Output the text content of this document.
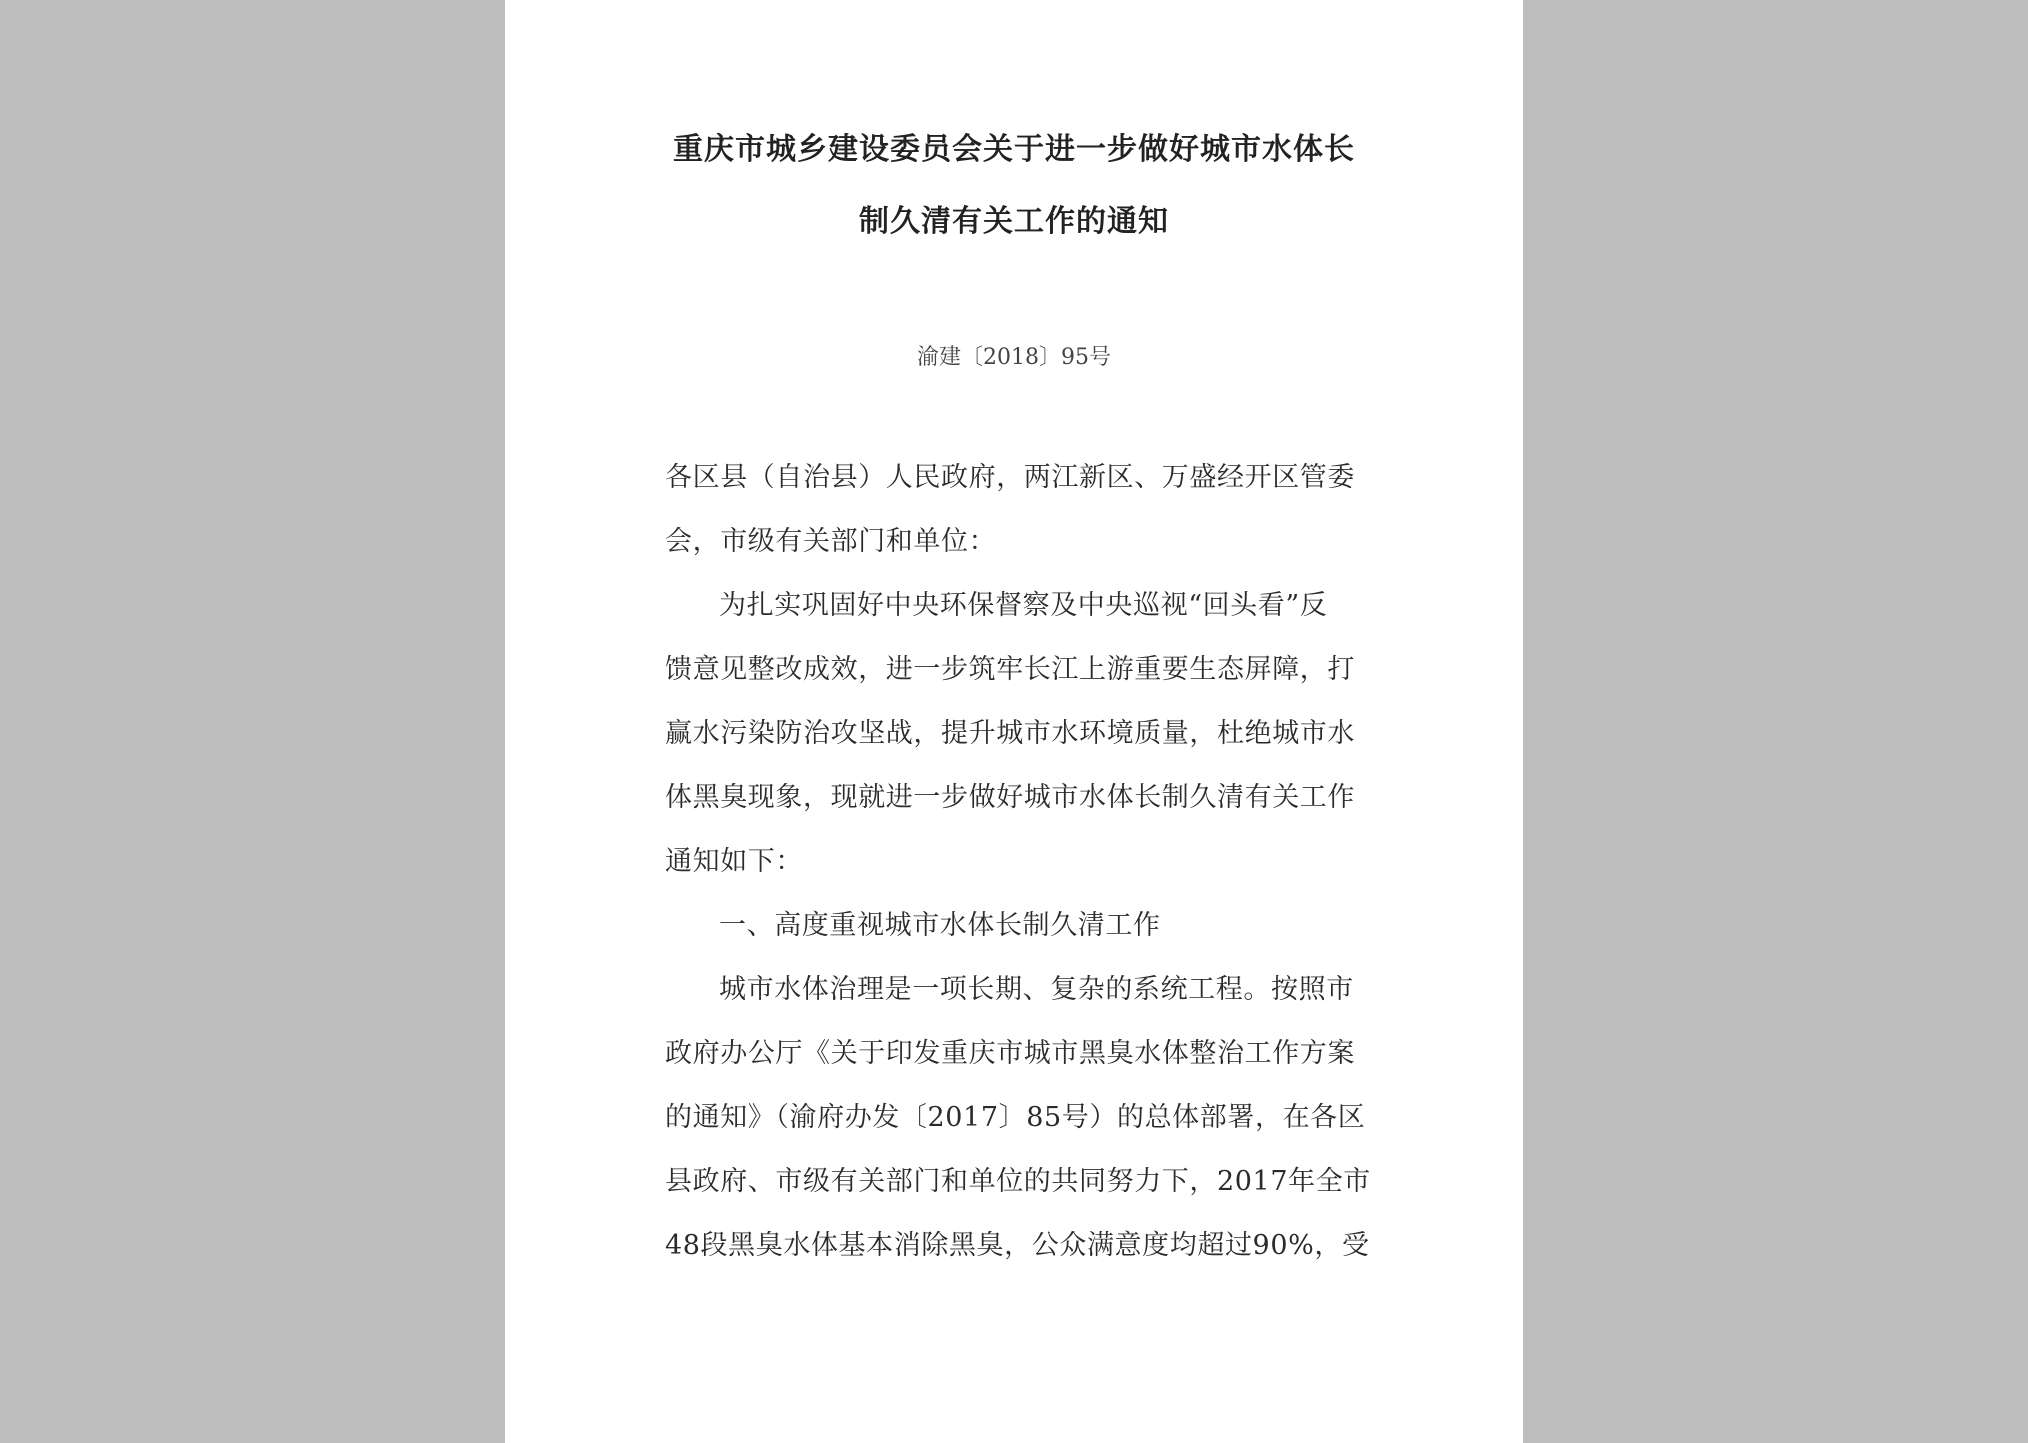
重庆市城乡建设委员会关于进一步做好城市水体长
制久清有关工作的通知
渝建〔2018〕95号
各区县（自治县）人民政府，两江新区、万盛经开区管委
会，市级有关部门和单位：
为扎实巩固好中央环保督察及中央巡视“回头看”反
馈意见整改成效，进一步筑牢长江上游重要生态屏障，打
赢水污染防治攻坚战，提升城市水环境质量，杜绝城市水
体黑臭现象，现就进一步做好城市水体长制久清有关工作
通知如下：
一、高度重视城市水体长制久清工作
城市水体治理是一项长期、复杂的系统工程。按照市
政府办公厅《关于印发重庆市城市黑臭水体整治工作方案
的通知》（渝府办发〔2017〕85号）的总体部署，在各区
县政府、市级有关部门和单位的共同努力下，2017年全市
48段黑臭水体基本消除黑臭，公众满意度均超过90%，受
